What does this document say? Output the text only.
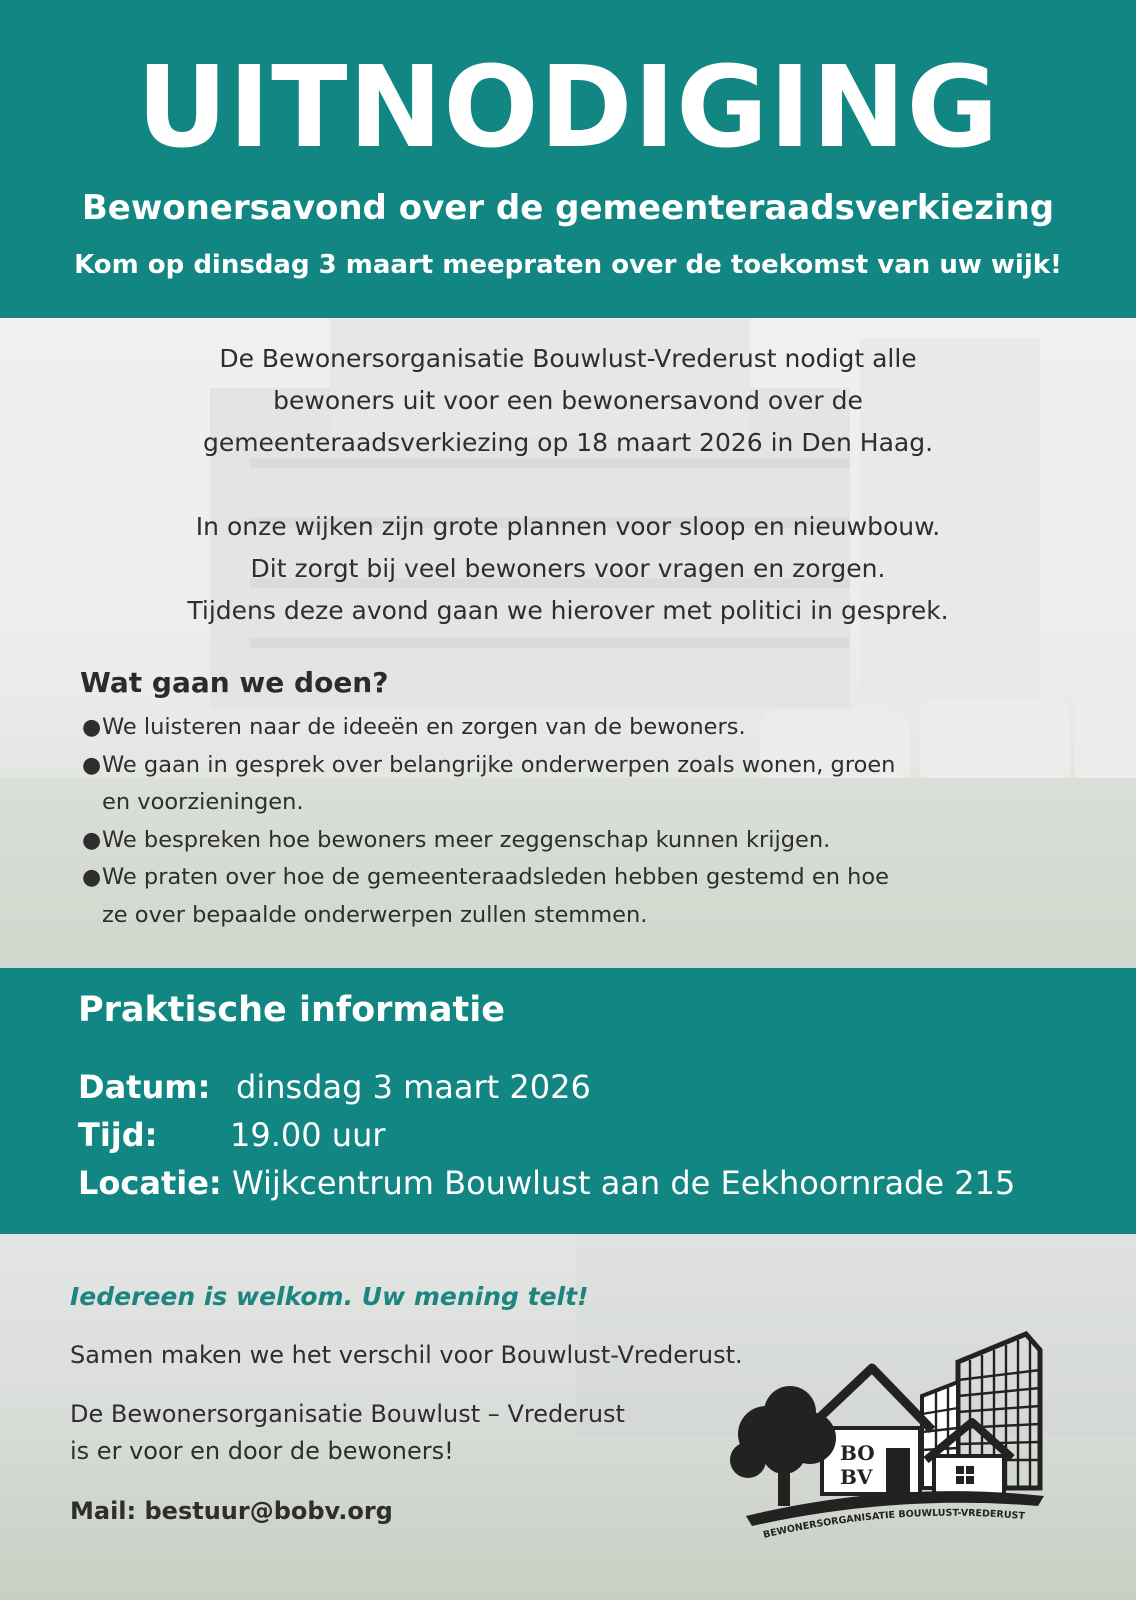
UITNODIGING
Bewonersavond over de gemeenteraadsverkiezing
Kom op dinsdag 3 maart meepraten over de toekomst van uw wijk!

De Bewonersorganisatie Bouwlust-Vrederust nodigt alle
bewoners uit voor een bewonersavond over de
gemeenteraadsverkiezing op 18 maart 2026 in Den Haag.

In onze wijken zijn grote plannen voor sloop en nieuwbouw.
Dit zorgt bij veel bewoners voor vragen en zorgen.
Tijdens deze avond gaan we hierover met politici in gesprek.

Wat gaan we doen?
● We luisteren naar de ideeën en zorgen van de bewoners.
● We gaan in gesprek over belangrijke onderwerpen zoals wonen, groen en voorzieningen.
● We bespreken hoe bewoners meer zeggenschap kunnen krijgen.
● We praten over hoe de gemeenteraadsleden hebben gestemd en hoe ze over bepaalde onderwerpen zullen stemmen.
Praktische informatie
Datum: dinsdag 3 maart 2026
Tijd: 19.00 uur
Locatie: Wijkcentrum Bouwlust aan de Eekhoornrade 215
Iedereen is welkom. Uw mening telt!
Samen maken we het verschil voor Bouwlust-Vrederust.
De Bewonersorganisatie Bouwlust – Vrederust
is er voor en door de bewoners!
Mail: bestuur@bobv.org
BO
BV
BEWONERSORGANISATIE BOUWLUST-VREDERUST
